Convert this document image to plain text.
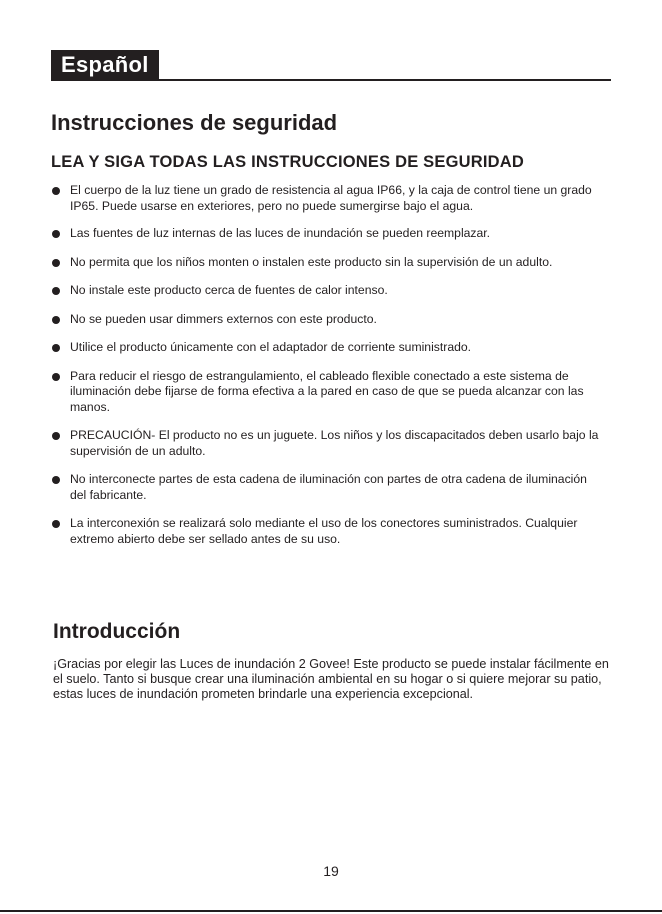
Español
Instrucciones de seguridad
LEA Y SIGA TODAS LAS INSTRUCCIONES DE SEGURIDAD
El cuerpo de la luz tiene un grado de resistencia al agua IP66, y la caja de control tiene un grado IP65. Puede usarse en exteriores, pero no puede sumergirse bajo el agua.
Las fuentes de luz internas de las luces de inundación se pueden reemplazar.
No permita que los niños monten o instalen este producto sin la supervisión de un adulto.
No instale este producto cerca de fuentes de calor intenso.
No se pueden usar dimmers externos con este producto.
Utilice el producto únicamente con el adaptador de corriente suministrado.
Para reducir el riesgo de estrangulamiento, el cableado flexible conectado a este sistema de iluminación debe fijarse de forma efectiva a la pared en caso de que se pueda alcanzar con las manos.
PRECAUCIÓN- El producto no es un juguete. Los niños y los discapacitados deben usarlo bajo la supervisión de un adulto.
No interconecte partes de esta cadena de iluminación con partes de otra cadena de iluminación del fabricante.
La interconexión se realizará solo mediante el uso de los conectores suministrados. Cualquier extremo abierto debe ser sellado antes de su uso.
Introducción
¡Gracias por elegir las Luces de inundación 2 Govee! Este producto se puede instalar fácilmente en el suelo. Tanto si busque crear una iluminación ambiental en su hogar o si quiere mejorar su patio, estas luces de inundación prometen brindarle una experiencia excepcional.
19
